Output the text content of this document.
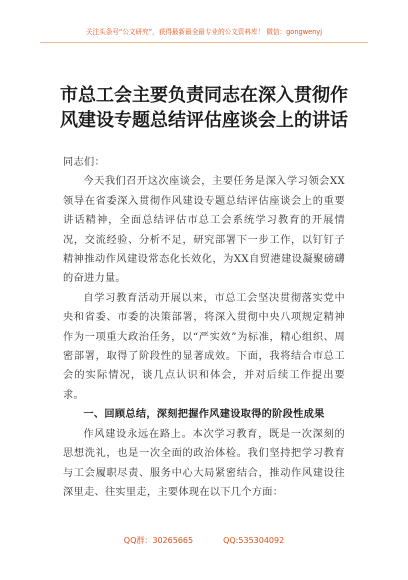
关注头条号“公文研究”，获得最新最全最专业的公文资料库！ 微信：gongwenyj
市总工会主要负责同志在深入贯彻作
风建设专题总结评估座谈会上的讲话

同志们：

今天我们召开这次座谈会，主要任务是深入学习领会XX领导在省委深入贯彻作风建设专题总结评估座谈会上的重要讲话精神，全面总结评估市总工会系统学习教育的开展情况，交流经验、分析不足，研究部署下一步工作，以钉钉子精神推动作风建设常态化长效化，为XX自贸港建设凝聚磅礴的奋进力量。

自学习教育活动开展以来，市总工会坚决贯彻落实党中央和省委、市委的决策部署，将深入贯彻中央八项规定精神作为一项重大政治任务，以“严实效”为标准，精心组织、周密部署，取得了阶段性的显著成效。下面，我将结合市总工会的实际情况，谈几点认识和体会，并对后续工作提出要求。

一、回顾总结，深刻把握作风建设取得的阶段性成果

作风建设永远在路上。本次学习教育，既是一次深刻的思想洗礼，也是一次全面的政治体检。我们坚持把学习教育与工会履职尽责、服务中心大局紧密结合，推动作风建设往深里走、往实里走，主要体现在以下几个方面：

QQ群：30265665	QQ:535304092
